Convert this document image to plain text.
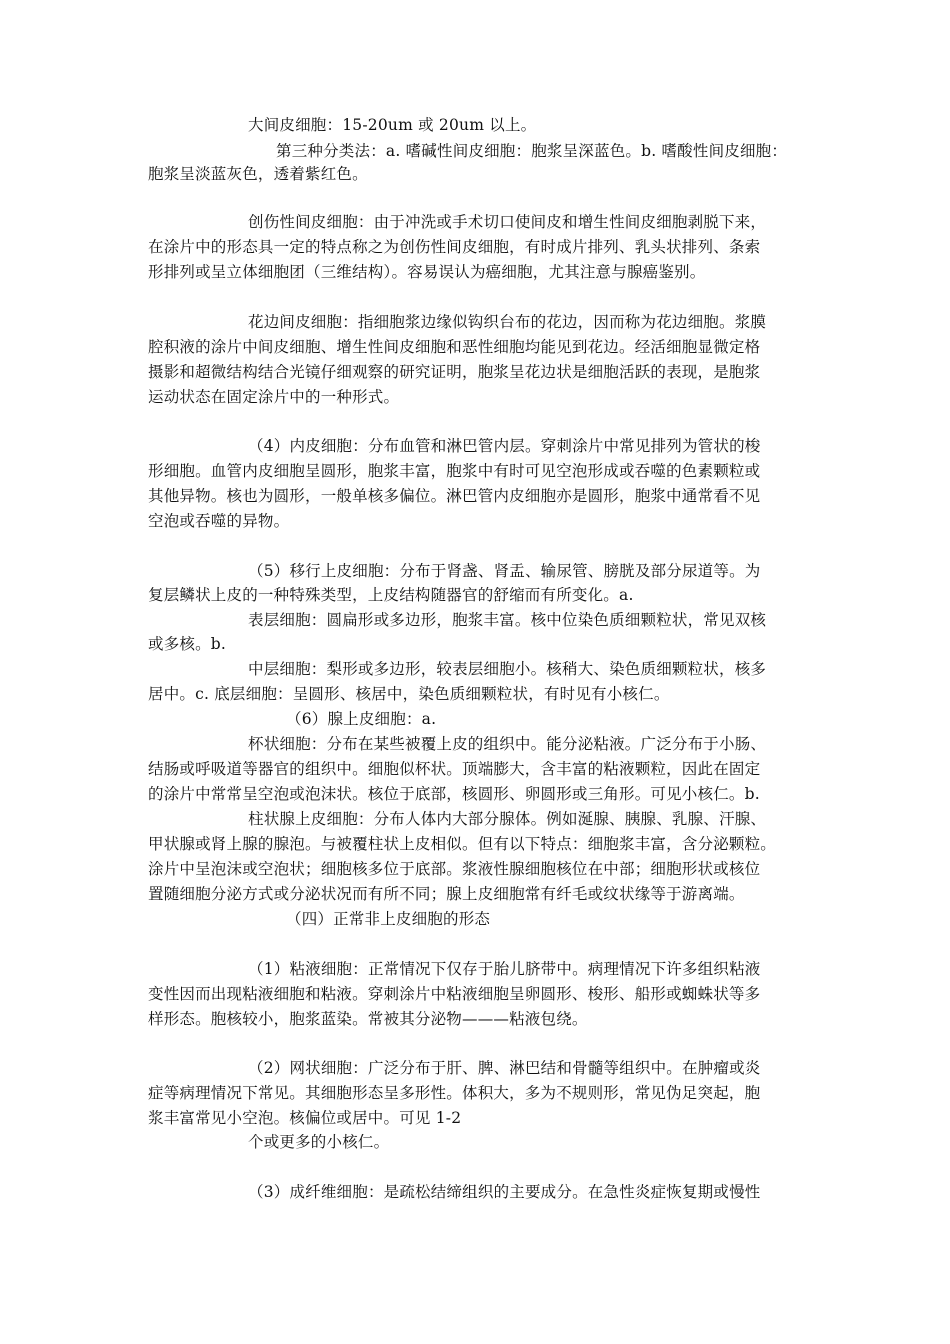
大间皮细胞：15-20um 或 20um 以上。
第三种分类法：a. 嗜碱性间皮细胞：胞浆呈深蓝色。b. 嗜酸性间皮细胞：
胞浆呈淡蓝灰色，透着紫红色。
创伤性间皮细胞：由于冲洗或手术切口使间皮和增生性间皮细胞剥脱下来，
在涂片中的形态具一定的特点称之为创伤性间皮细胞，有时成片排列、乳头状排列、条索
形排列或呈立体细胞团（三维结构）。容易误认为癌细胞，尤其注意与腺癌鉴别。
花边间皮细胞：指细胞浆边缘似钩织台布的花边，因而称为花边细胞。浆膜
腔积液的涂片中间皮细胞、增生性间皮细胞和恶性细胞均能见到花边。经活细胞显微定格
摄影和超微结构结合光镜仔细观察的研究证明，胞浆呈花边状是细胞活跃的表现，是胞浆
运动状态在固定涂片中的一种形式。
（4）内皮细胞：分布血管和淋巴管内层。穿刺涂片中常见排列为管状的梭
形细胞。血管内皮细胞呈圆形，胞浆丰富，胞浆中有时可见空泡形成或吞噬的色素颗粒或
其他异物。核也为圆形，一般单核多偏位。淋巴管内皮细胞亦是圆形，胞浆中通常看不见
空泡或吞噬的异物。
（5）移行上皮细胞：分布于肾盏、肾盂、输尿管、膀胱及部分尿道等。为
复层鳞状上皮的一种特殊类型，上皮结构随器官的舒缩而有所变化。a.
表层细胞：圆扁形或多边形，胞浆丰富。核中位染色质细颗粒状，常见双核
或多核。b.
中层细胞：梨形或多边形，较表层细胞小。核稍大、染色质细颗粒状，核多
居中。c. 底层细胞：呈圆形、核居中，染色质细颗粒状，有时见有小核仁。
（6）腺上皮细胞：a.
杯状细胞：分布在某些被覆上皮的组织中。能分泌粘液。广泛分布于小肠、
结肠或呼吸道等器官的组织中。细胞似杯状。顶端膨大，含丰富的粘液颗粒，因此在固定
的涂片中常常呈空泡或泡沫状。核位于底部，核圆形、卵圆形或三角形。可见小核仁。b.
柱状腺上皮细胞：分布人体内大部分腺体。例如涎腺、胰腺、乳腺、汗腺、
甲状腺或肾上腺的腺泡。与被覆柱状上皮相似。但有以下特点：细胞浆丰富，含分泌颗粒。
涂片中呈泡沫或空泡状；细胞核多位于底部。浆液性腺细胞核位在中部；细胞形状或核位
置随细胞分泌方式或分泌状况而有所不同；腺上皮细胞常有纤毛或纹状缘等于游离端。
（四）正常非上皮细胞的形态
（1）粘液细胞：正常情况下仅存于胎儿脐带中。病理情况下许多组织粘液
变性因而出现粘液细胞和粘液。穿刺涂片中粘液细胞呈卵圆形、梭形、船形或蜘蛛状等多
样形态。胞核较小，胞浆蓝染。常被其分泌物———粘液包绕。
（2）网状细胞：广泛分布于肝、脾、淋巴结和骨髓等组织中。在肿瘤或炎
症等病理情况下常见。其细胞形态呈多形性。体积大，多为不规则形，常见伪足突起，胞
浆丰富常见小空泡。核偏位或居中。可见 1-2
个或更多的小核仁。
（3）成纤维细胞：是疏松结缔组织的主要成分。在急性炎症恢复期或慢性
